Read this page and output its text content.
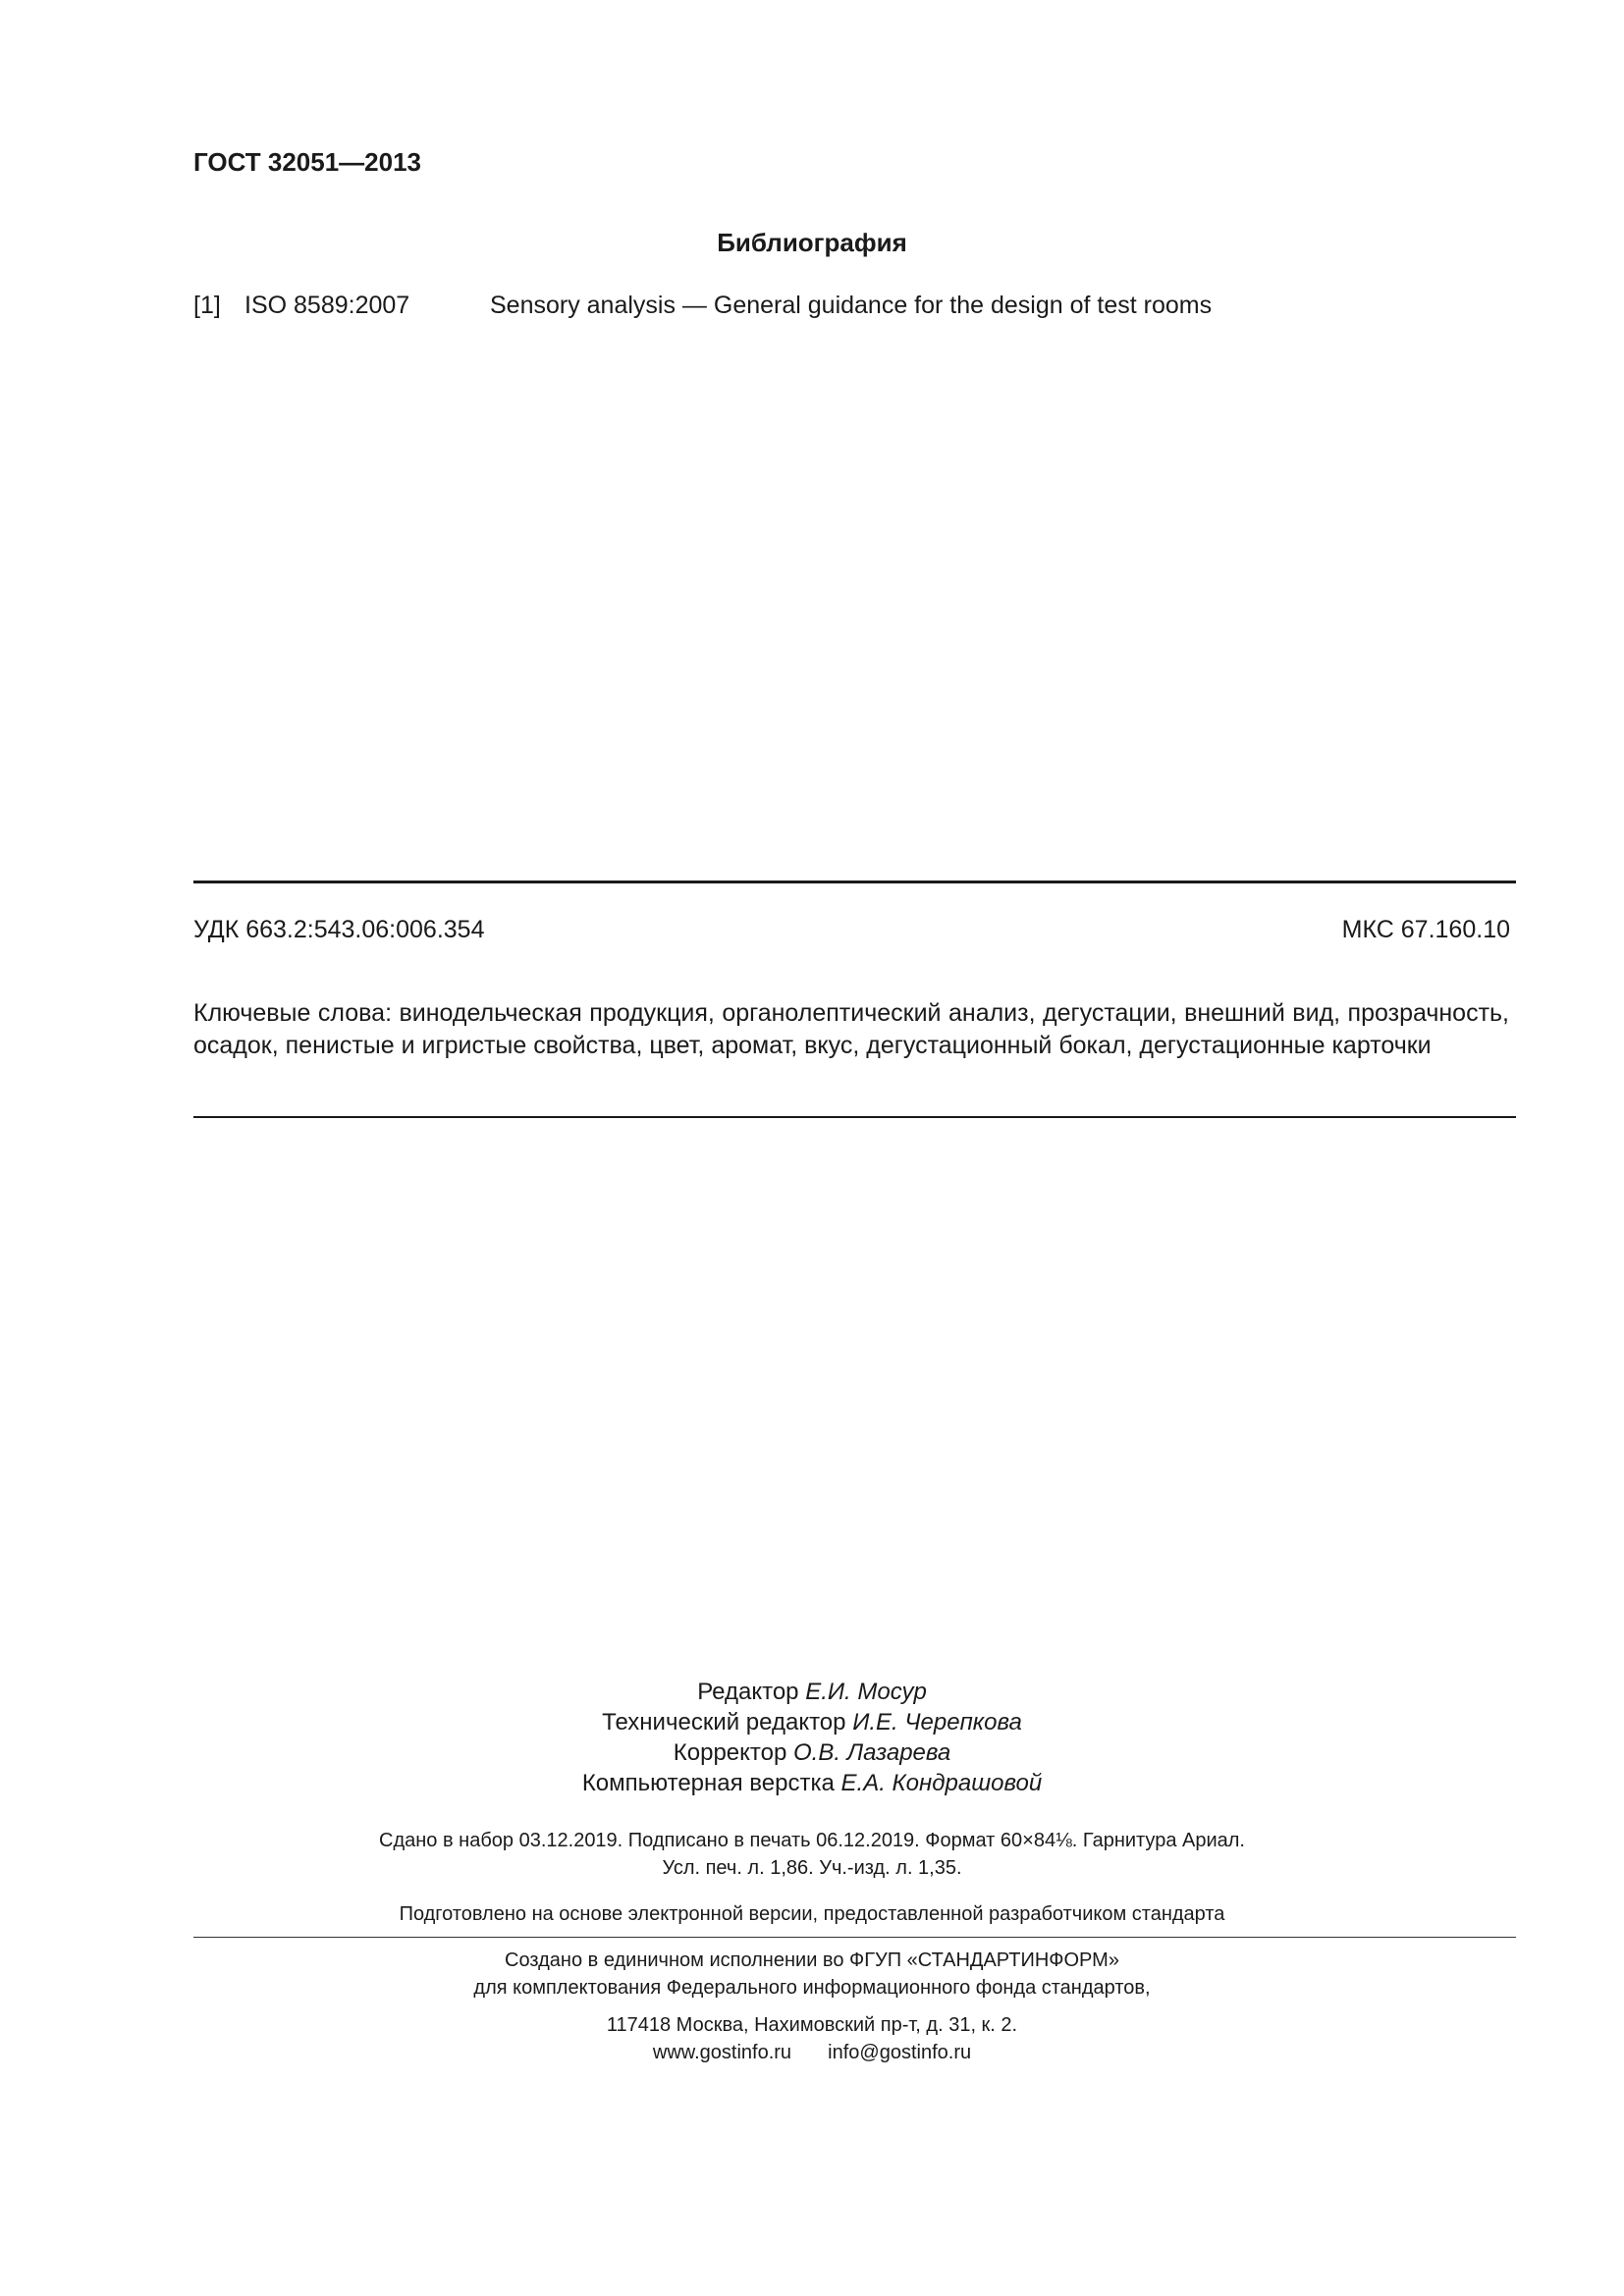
ГОСТ 32051—2013
Библиография
[1] ISO 8589:2007	Sensory analysis — General guidance for the design of test rooms
УДК 663.2:543.06:006.354	МКС 67.160.10
Ключевые слова: винодельческая продукция, органолептический анализ, дегустации, внешний вид, прозрачность, осадок, пенистые и игристые свойства, цвет, аромат, вкус, дегустационный бокал, дегустационные карточки
Редактор Е.И. Мосур
Технический редактор И.Е. Черепкова
Корректор О.В. Лазарева
Компьютерная верстка Е.А. Кондрашовой
Сдано в набор 03.12.2019. Подписано в печать 06.12.2019. Формат 60×84⅛. Гарнитура Ариал.
Усл. печ. л. 1,86. Уч.-изд. л. 1,35.
Подготовлено на основе электронной версии, предоставленной разработчиком стандарта
Создано в единичном исполнении во ФГУП «СТАНДАРТИНФОРМ»
для комплектования Федерального информационного фонда стандартов,
117418 Москва, Нахимовский пр-т, д. 31, к. 2.
www.gostinfo.ru info@gostinfo.ru
